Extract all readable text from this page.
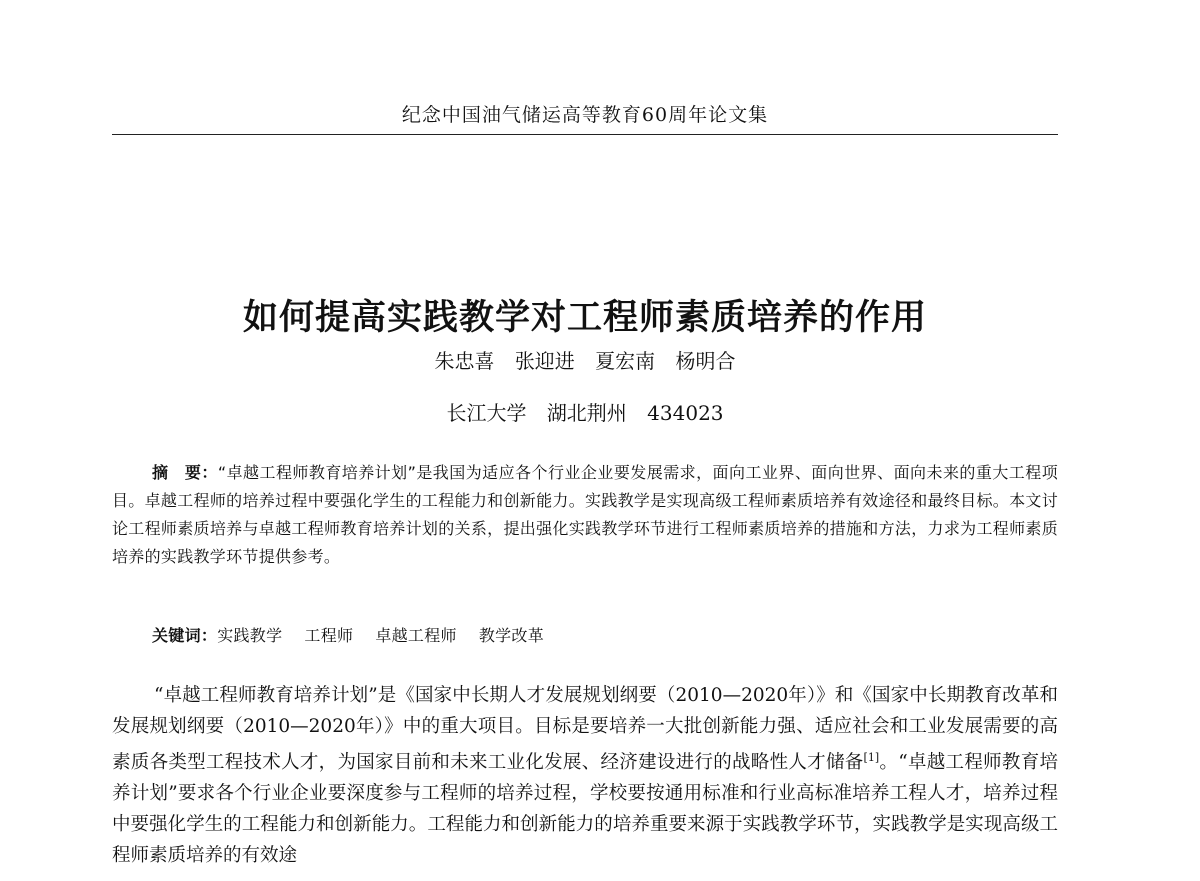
纪念中国油气储运高等教育60周年论文集
如何提高实践教学对工程师素质培养的作用
朱忠喜 张迎进 夏宏南 杨明合
长江大学 湖北荆州 434023

摘　要：“卓越工程师教育培养计划”是我国为适应各个行业企业要发展需求，面向工业界、面向世界、面向未来的重大工程项目。卓越工程师的培养过程中要强化学生的工程能力和创新能力。实践教学是实现高级工程师素质培养有效途径和最终目标。本文讨论工程师素质培养与卓越工程师教育培养计划的关系，提出强化实践教学环节进行工程师素质培养的措施和方法，力求为工程师素质培养的实践教学环节提供参考。

关键词：实践教学 工程师 卓越工程师 教学改革

“卓越工程师教育培养计划”是《国家中长期人才发展规划纲要（2010—2020年）》和《国家中长期教育改革和发展规划纲要（2010—2020年）》中的重大项目。目标是要培养一大批创新能力强、适应社会和工业发展需要的高素质各类型工程技术人才，为国家目前和未来工业化发展、经济建设进行的战略性人才储备[1]。“卓越工程师教育培养计划”要求各个行业企业要深度参与工程师的培养过程，学校要按通用标准和行业高标准培养工程人才，培养过程中要强化学生的工程能力和创新能力。工程能力和创新能力的培养重要来源于实践教学环节，实践教学是实现高级工程师素质培养的有效途
